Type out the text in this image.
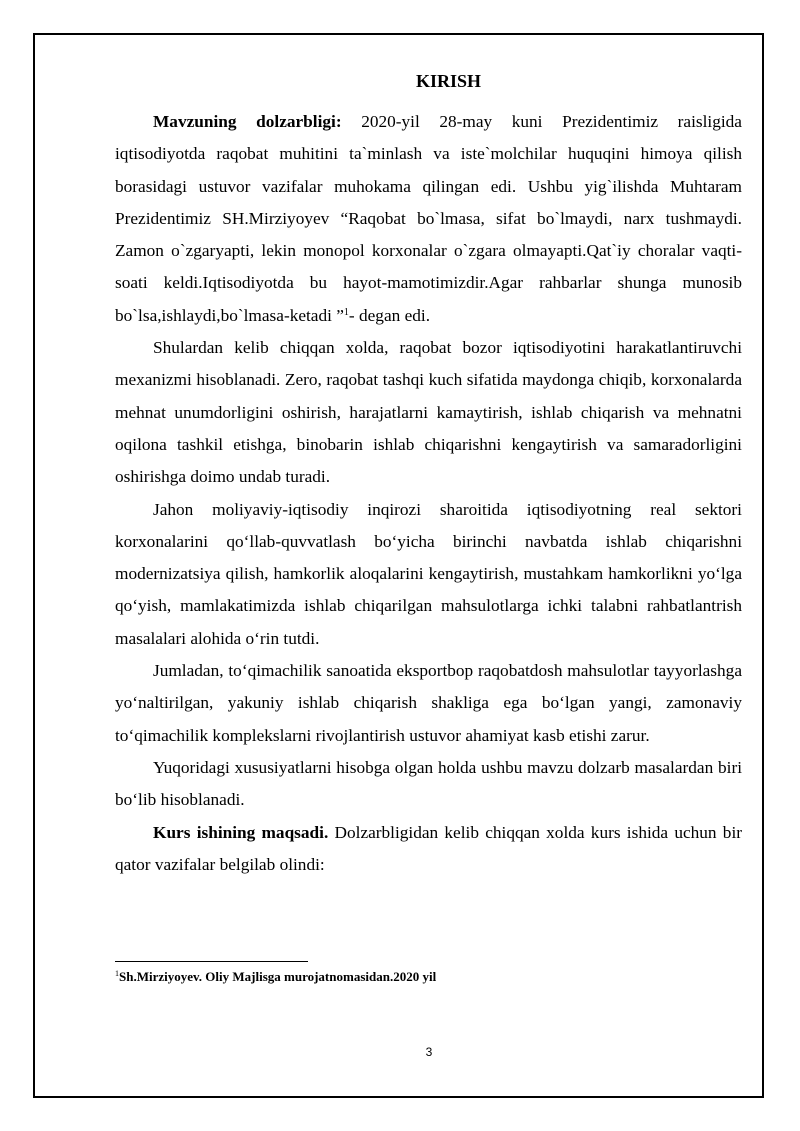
KIRISH

Mavzuning dolzarbligi: 2020-yil 28-may kuni Prezidentimiz raisligida iqtisodiyotda raqobat muhitini ta`minlash va iste`molchilar huquqini himoya qilish borasidagi ustuvor vazifalar muhokama qilingan edi. Ushbu yig`ilishda Muhtaram Prezidentimiz SH.Mirziyoyev “Raqobat bo`lmasa, sifat bo`lmaydi, narx tushmaydi. Zamon o`zgaryapti, lekin monopol korxonalar o`zgara olmayapti.Qat`iy choralar vaqti-soati keldi.Iqtisodiyotda bu hayot-mamotimizdir.Agar rahbarlar shunga munosib bo`lsa,ishlaydi,bo`lmasa-ketadi ”$^1$- degan edi.

Shulardan kelib chiqqan xolda, raqobat bozor iqtisodiyotini harakatlantiruvchi mexanizmi hisoblanadi. Zero, raqobat tashqi kuch sifatida maydonga chiqib, korxonalarda mehnat unumdorligini oshirish, harajatlarni kamaytirish, ishlab chiqarish va mehnatni oqilona tashkil etishga, binobarin ishlab chiqarishni kengaytirish va samaradorligini oshirishga doimo undab turadi.

Jahon moliyaviy-iqtisodiy inqirozi sharoitida iqtisodiyotning real sektori korxonalarini qo‘llab-quvvatlash bo‘yicha birinchi navbatda ishlab chiqarishni modernizatsiya qilish, hamkorlik aloqalarini kengaytirish, mustahkam hamkorlikni yo‘lga qo‘yish, mamlakatimizda ishlab chiqarilgan mahsulotlarga ichki talabni rahbatlantrish masalalari alohida o‘rin tutdi.

Jumladan, to‘qimachilik sanoatida eksportbop raqobatdosh mahsulotlar tayyorlashga yo‘naltirilgan, yakuniy ishlab chiqarish shakliga ega bo‘lgan yangi, zamonaviy to‘qimachilik komplekslarni rivojlantirish ustuvor ahamiyat kasb etishi zarur.

Yuqoridagi xususiyatlarni hisobga olgan holda ushbu mavzu dolzarb masalardan biri bo‘lib hisoblanadi.

Kurs ishining maqsadi. Dolzarbligidan kelib chiqqan xolda kurs ishida uchun bir qator vazifalar belgilab olindi:

$^1$Sh.Mirziyoyev. Oliy Majlisga murojatnomasidan.2020 yil
3
